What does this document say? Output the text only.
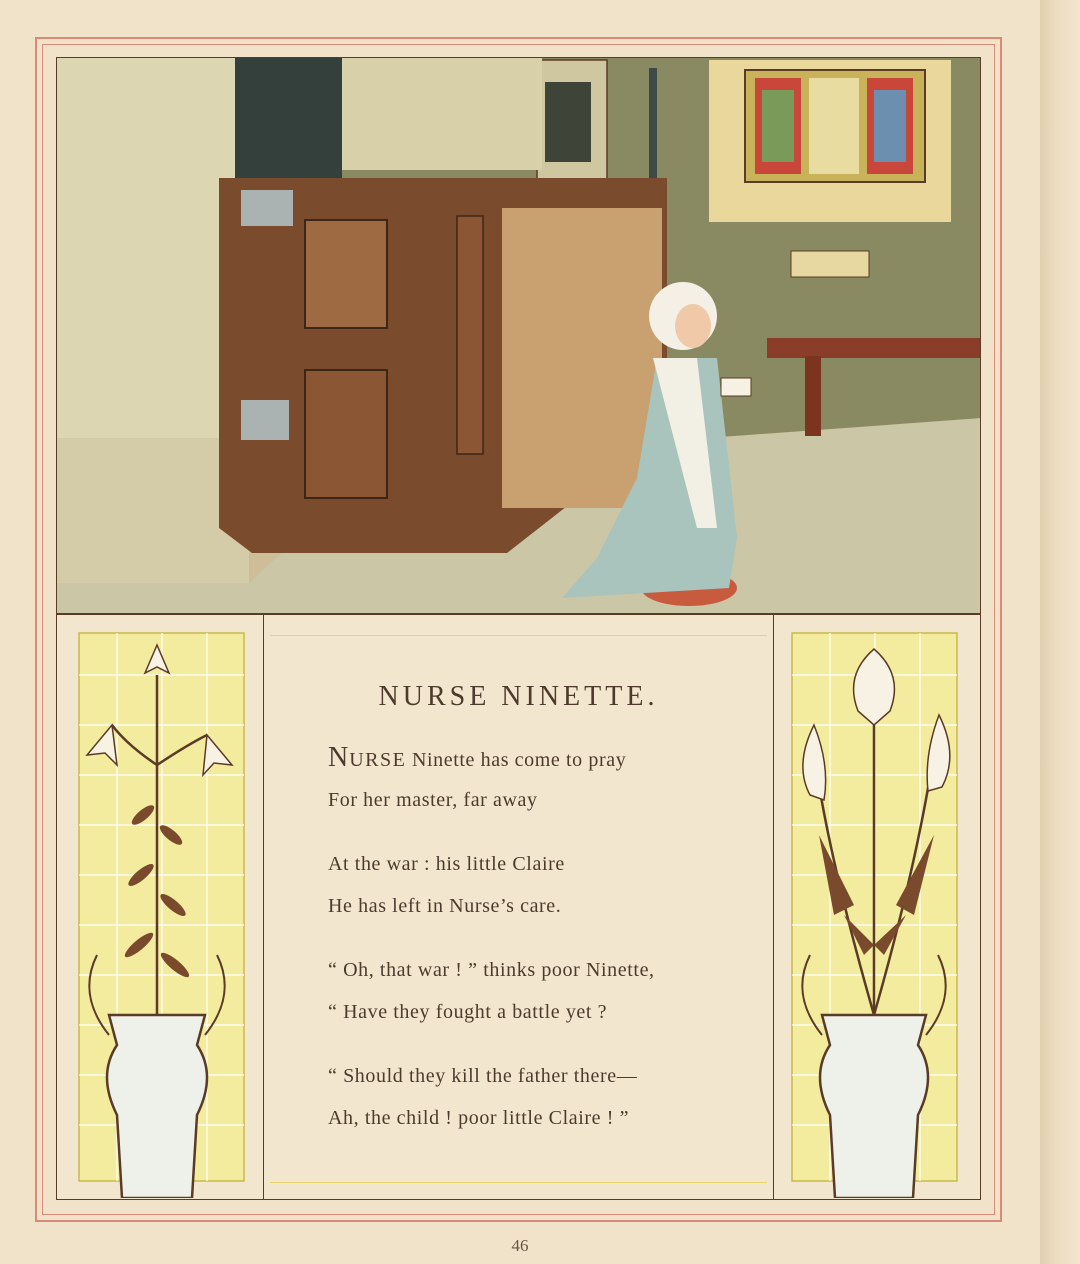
NURSE NINETTE.
NURSE Ninette has come to pray
For her master, far away
At the war : his little Claire
He has left in Nurse’s care.
“ Oh, that war ! ” thinks poor Ninette,
“ Have they fought a battle yet ?
“ Should they kill the father there—
Ah, the child ! poor little Claire ! ”
46
